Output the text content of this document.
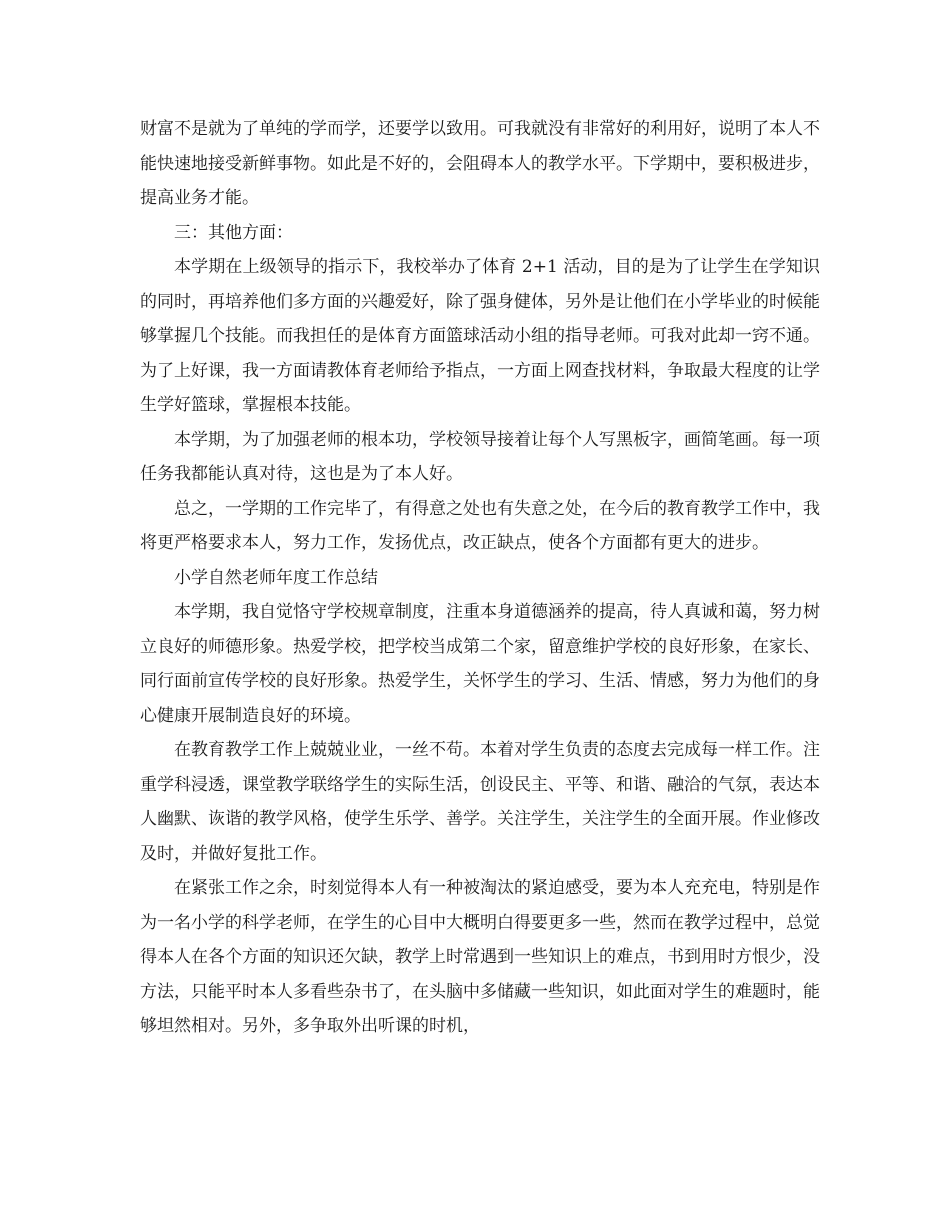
财富不是就为了单纯的学而学，还要学以致用。可我就没有非常好的利用好，说明了本人不能快速地接受新鲜事物。如此是不好的，会阻碍本人的教学水平。下学期中，要积极进步，提高业务才能。

三：其他方面：

本学期在上级领导的指示下，我校举办了体育 2+1 活动，目的是为了让学生在学知识的同时，再培养他们多方面的兴趣爱好，除了强身健体，另外是让他们在小学毕业的时候能够掌握几个技能。而我担任的是体育方面篮球活动小组的指导老师。可我对此却一窍不通。为了上好课，我一方面请教体育老师给予指点，一方面上网查找材料，争取最大程度的让学生学好篮球，掌握根本技能。

本学期，为了加强老师的根本功，学校领导接着让每个人写黑板字，画简笔画。每一项任务我都能认真对待，这也是为了本人好。

总之，一学期的工作完毕了，有得意之处也有失意之处，在今后的教育教学工作中，我将更严格要求本人，努力工作，发扬优点，改正缺点，使各个方面都有更大的进步。

小学自然老师年度工作总结

本学期，我自觉恪守学校规章制度，注重本身道德涵养的提高，待人真诚和蔼，努力树立良好的师德形象。热爱学校，把学校当成第二个家，留意维护学校的良好形象，在家长、同行面前宣传学校的良好形象。热爱学生，关怀学生的学习、生活、情感，努力为他们的身心健康开展制造良好的环境。

在教育教学工作上兢兢业业，一丝不苟。本着对学生负责的态度去完成每一样工作。注重学科浸透，课堂教学联络学生的实际生活，创设民主、平等、和谐、融洽的气氛，表达本人幽默、诙谐的教学风格，使学生乐学、善学。关注学生，关注学生的全面开展。作业修改及时，并做好复批工作。

在紧张工作之余，时刻觉得本人有一种被淘汰的紧迫感受，要为本人充充电，特别是作为一名小学的科学老师，在学生的心目中大概明白得要更多一些，然而在教学过程中，总觉得本人在各个方面的知识还欠缺，教学上时常遇到一些知识上的难点，书到用时方恨少，没方法，只能平时本人多看些杂书了，在头脑中多储藏一些知识，如此面对学生的难题时，能够坦然相对。另外，多争取外出听课的时机，
